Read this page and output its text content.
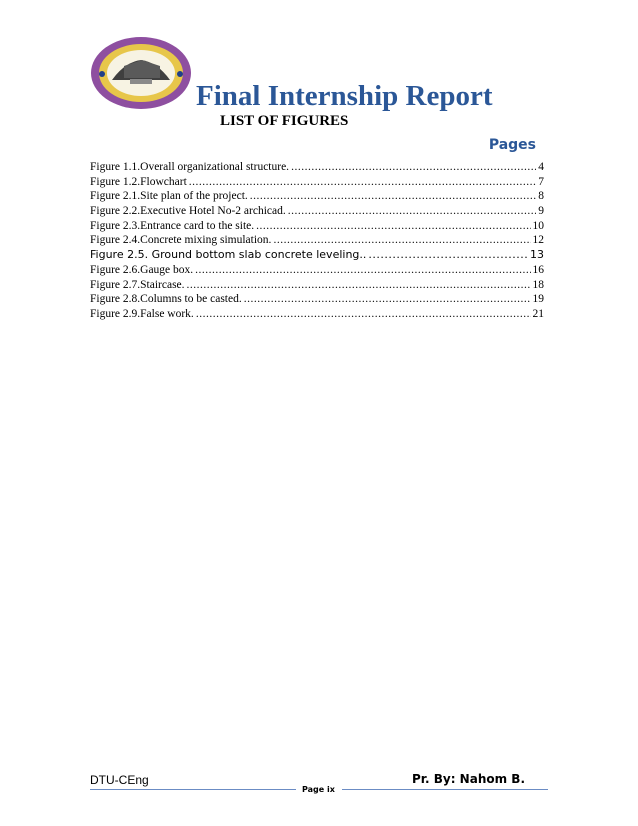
Final Internship Report
LIST OF FIGURES
Pages
Figure 1.1.Overall organizational structure. .....	4
Figure 1.2.Flowchart .....	7
Figure 2.1.Site plan of the project. .....	8
Figure 2.2.Executive Hotel No-2 archicad. .....	9
Figure 2.3.Entrance card to the site. .....	10
Figure 2.4.Concrete mixing simulation. .....	12
Figure 2.5. Ground bottom slab concrete leveling.. .....	13
Figure 2.6.Gauge box. .....	16
Figure 2.7.Staircase. .....	18
Figure 2.8.Columns to be casted. .....	19
Figure 2.9.False work. .....	21
DTU-CEng
Page ix
Pr. By: Nahom B.
